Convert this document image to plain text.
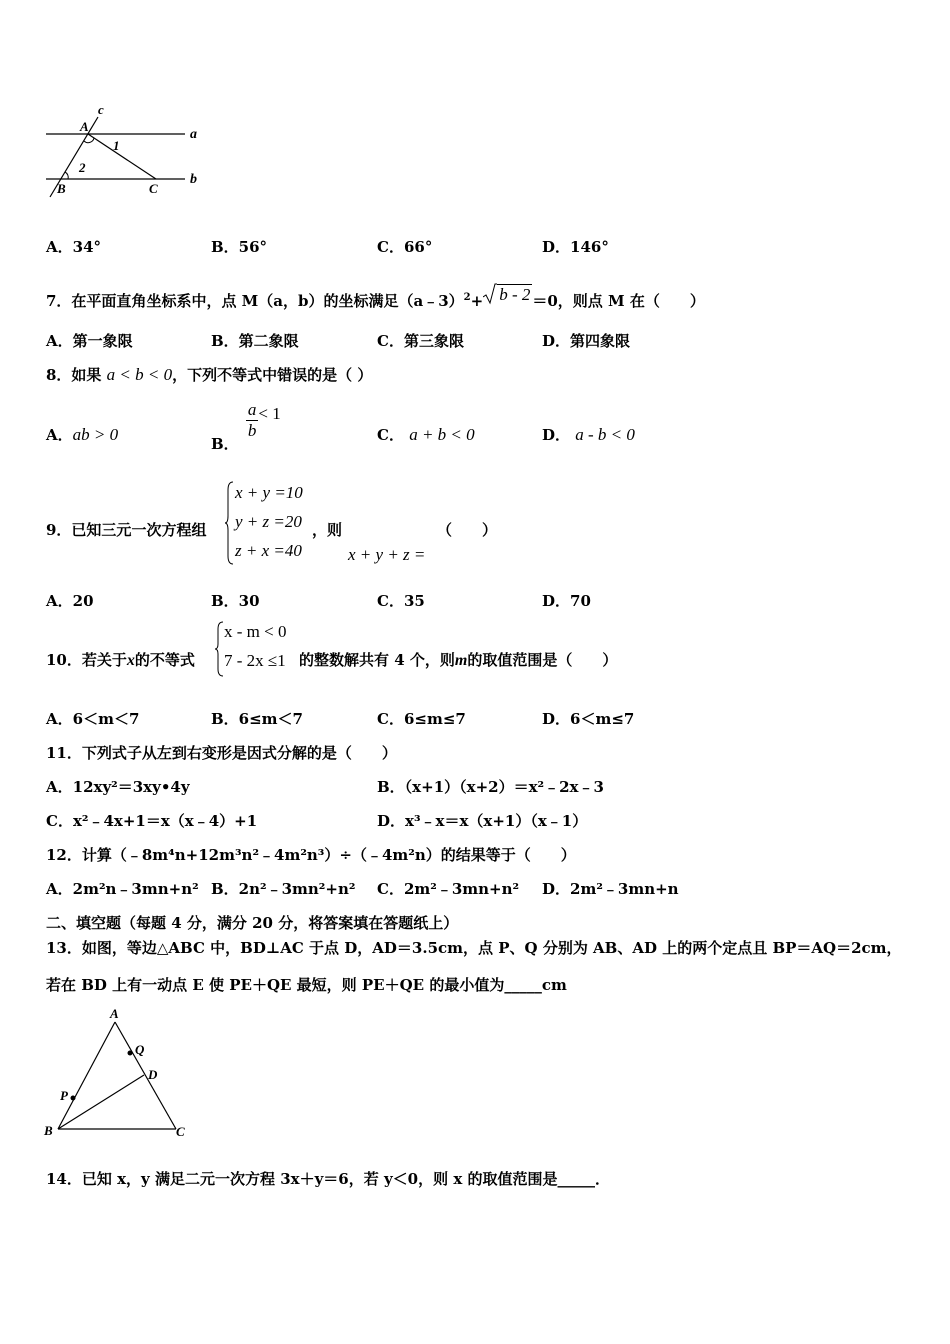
c
A
1
a
2
B	C
b
A．34°	B．56°	C．66°	D．146°
7．在平面直角坐标系中，点 M（a，b）的坐标满足（a﹣3）$^2$+ b - 2 ＝0，则点 M 在（　　）
A．第一象限	B．第二象限	C．第三象限	D．第四象限
8．如果 a < b < 0，下列不等式中错误的是（ ）
A．ab > 0	B．
$\frac{a}{b} < 1$
C． a + b < 0	D． a - b < 0
9．已知三元一次方程组
x + y =10
y + z =20
z + x =40
，则
x + y + z =
（　　）
A．20	B．30	C．35	D．70
10．若关于x的不等式
x - m < 0
7 - 2x ≤1 的整数解共有 4 个，则m的取值范围是（　　）
A．6＜m＜7	B．6≤m＜7	C．6≤m≤7	D．6＜m≤7
11．下列式子从左到右变形是因式分解的是（　　）
A．12xy²＝3xy•4y	B．（x+1）（x+2）＝x²﹣2x﹣3
C．x²﹣4x+1＝x（x﹣4）+1	D．x³﹣x＝x（x+1）（x﹣1）
12．计算（﹣8m⁴n+12m³n²﹣4m²n³）÷（﹣4m²n）的结果等于（　　）
A．2m²n﹣3mn+n² B．2n²﹣3mn²+n² C．2m²﹣3mn+n² D．2m²﹣3mn+n
二、填空题（每题 4 分，满分 20 分，将答案填在答题纸上）
13．如图，等边△ABC 中，BD⊥AC 于点 D，AD＝3.5cm，点 P、Q 分别为 AB、AD 上的两个定点且 BP＝AQ＝2cm，
若在 BD 上有一动点 E 使 PE＋QE 最短，则 PE＋QE 的最小值为_____cm
A
Q
D
P
B	C
14．已知 x，y 满足二元一次方程 3x＋y＝6，若 y＜0，则 x 的取值范围是_____．
